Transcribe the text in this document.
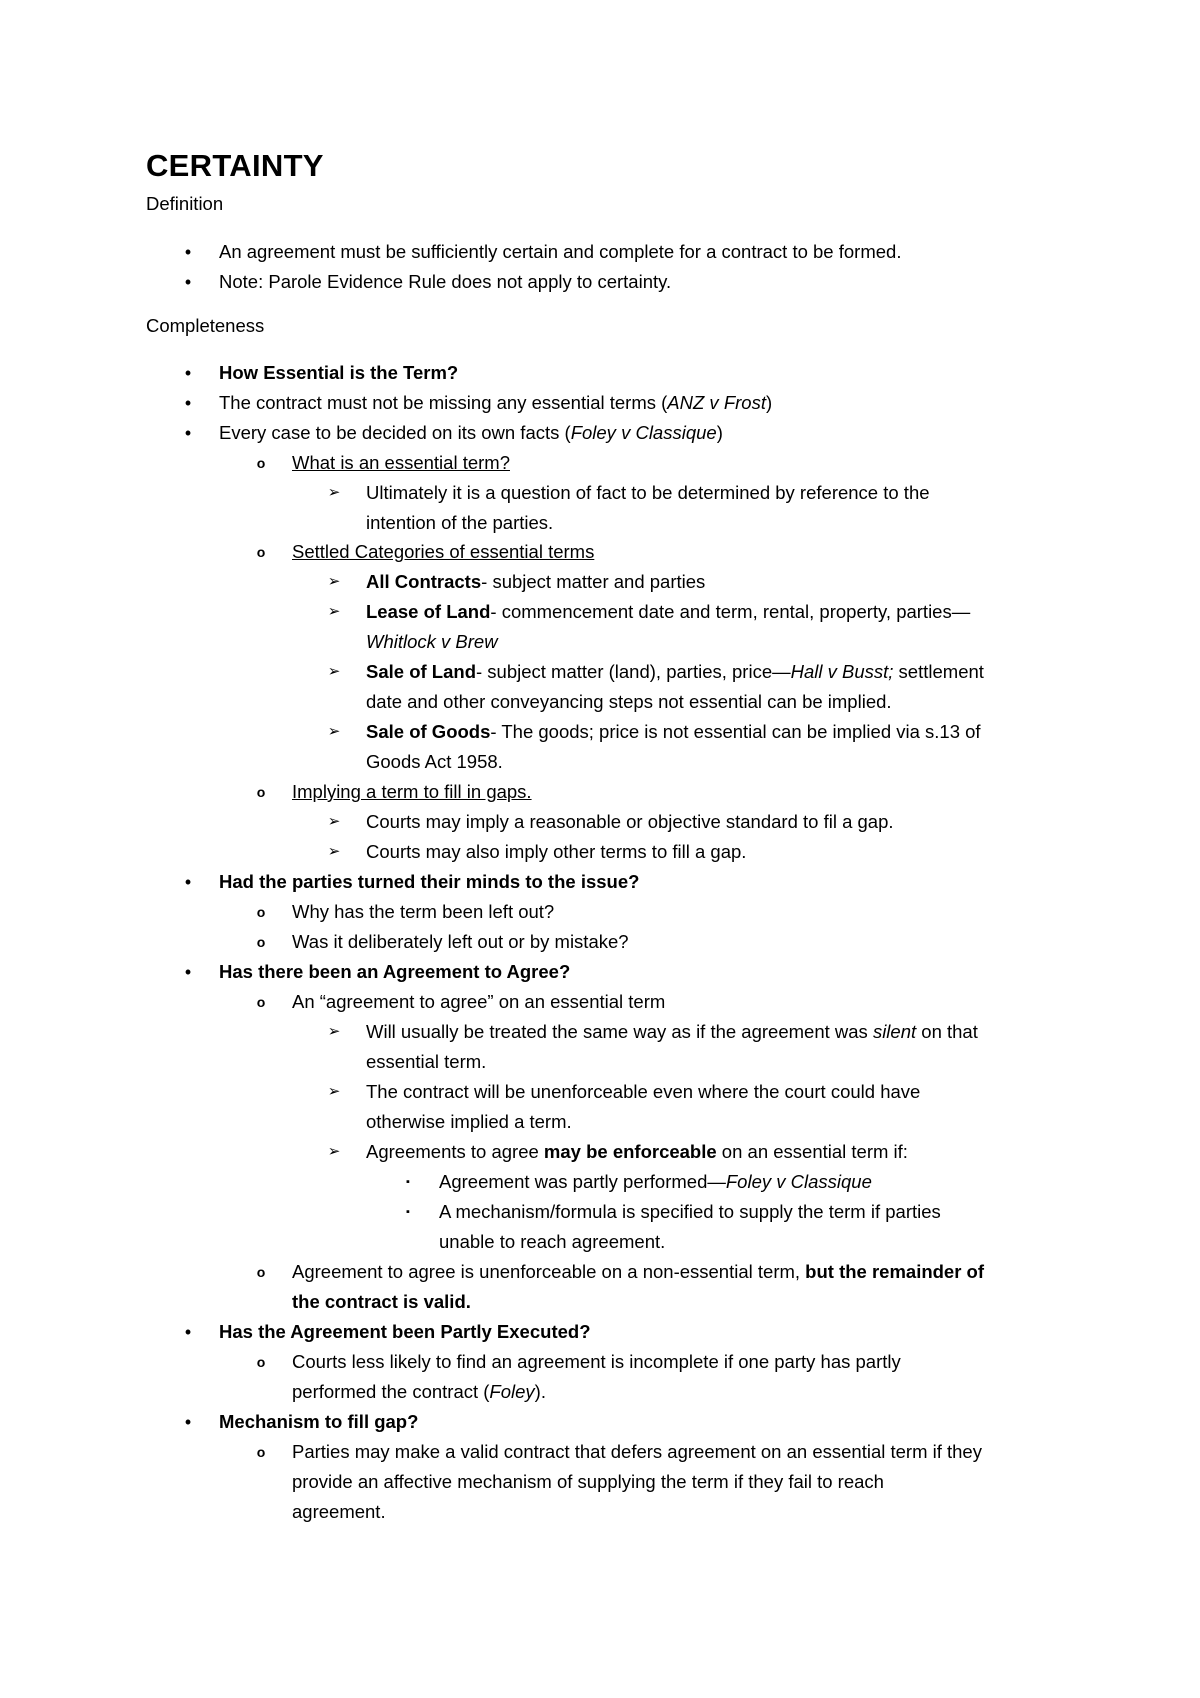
CERTAINTY
Definition
•	An agreement must be sufficiently certain and complete for a contract to be formed.
•	Note: Parole Evidence Rule does not apply to certainty.
Completeness
•	How Essential is the Term?
•	The contract must not be missing any essential terms (ANZ v Frost)
•	Every case to be decided on its own facts (Foley v Classique)
o	What is an essential term?
➢ Ultimately it is a question of fact to be determined by reference to the
intention of the parties.
o	Settled Categories of essential terms
➢ All Contracts- subject matter and parties
➢ Lease of Land- commencement date and term, rental, property, parties—
Whitlock v Brew
➢ Sale of Land- subject matter (land), parties, price—Hall v Busst; settlement
date and other conveyancing steps not essential can be implied.
➢ Sale of Goods- The goods; price is not essential can be implied via s.13 of
Goods Act 1958.
o	Implying a term to fill in gaps.
➢ Courts may imply a reasonable or objective standard to fil a gap.
➢ Courts may also imply other terms to fill a gap.
•	Had the parties turned their minds to the issue?
o	Why has the term been left out?
o	Was it deliberately left out or by mistake?
•	Has there been an Agreement to Agree?
o	An “agreement to agree” on an essential term
➢ Will usually be treated the same way as if the agreement was silent on that
essential term.
➢ The contract will be unenforceable even where the court could have
otherwise implied a term.
➢ Agreements to agree may be enforceable on an essential term if:
▪	Agreement was partly performed—Foley v Classique
▪	A mechanism/formula is specified to supply the term if parties
unable to reach agreement.
o	Agreement to agree is unenforceable on a non-essential term, but the remainder of
the contract is valid.
•	Has the Agreement been Partly Executed?
o	Courts less likely to find an agreement is incomplete if one party has partly
performed the contract (Foley).
•	Mechanism to fill gap?
o	Parties may make a valid contract that defers agreement on an essential term if they
provide an affective mechanism of supplying the term if they fail to reach
agreement.
